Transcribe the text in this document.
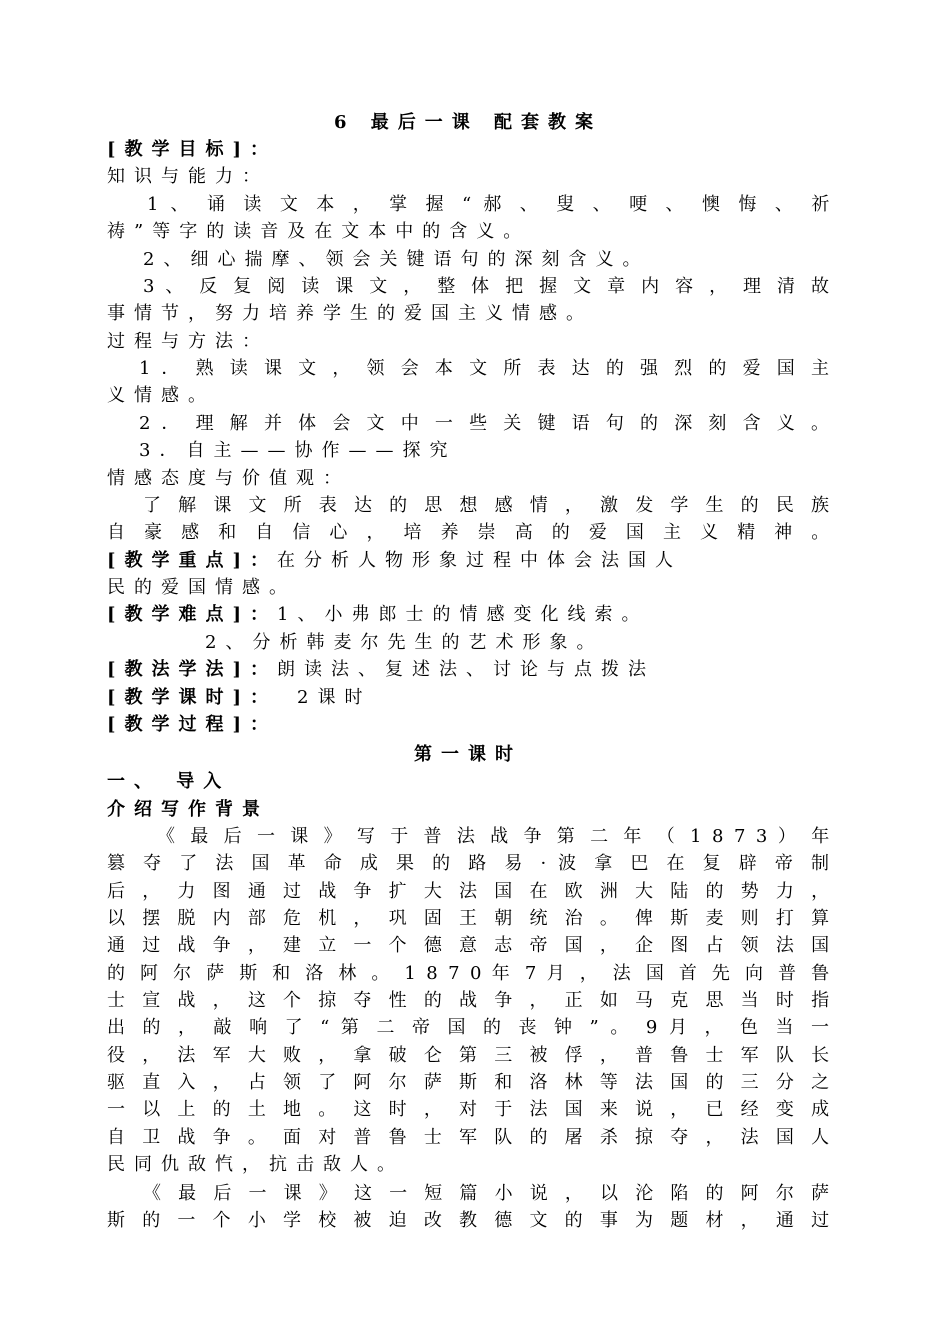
6 最后一课 配套教案
[教学目标]：
知识与能力：
1 、 诵 读 文 本 ， 掌 握 “ 郝 、 叟 、 哽 、 懊 悔 、 祈
祷”等字的读音及在文本中的含义。
2、细心揣摩、领会关键语句的深刻含义。
3 、 反 复 阅 读 课 文 ， 整 体 把 握 文 章 内 容 ， 理 清 故
事情节，努力培养学生的爱国主义情感。
过程与方法：
1 ． 熟 读 课 文 ， 领 会 本 文 所 表 达 的 强 烈 的 爱 国 主
义情感。
2 ． 理 解 并 体 会 文 中 一 些 关 键 语 句 的 深 刻 含 义 。
3．自主——协作——探究
情感态度与价值观：
了 解 课 文 所 表 达 的 思 想 感 情 ， 激 发 学 生 的 民 族
自 豪 感 和 自 信 心 ， 培 养 崇 高 的 爱 国 主 义 精 神 。
[教学重点]：在分析人物形象过程中体会法国人
民的爱国情感。
[教学难点]：1、小弗郎士的情感变化线索。
2、分析韩麦尔先生的艺术形象。
[教法学法]：朗读法、复述法、讨论与点拨法
[教学课时]： 2课时
[教学过程]：
第一课时
一、 导入
介绍写作背景
《 最 后 一 课 》 写 于 普 法 战 争 第 二 年 （ 1 8 7 3 ） 年
篡 夺 了 法 国 革 命 成 果 的 路 易 · 波 拿 巴 在 复 辟 帝 制
后 ， 力 图 通 过 战 争 扩 大 法 国 在 欧 洲 大 陆 的 势 力 ，
以 摆 脱 内 部 危 机 ， 巩 固 王 朝 统 治 。 俾 斯 麦 则 打 算
通 过 战 争 ， 建 立 一 个 德 意 志 帝 国 ， 企 图 占 领 法 国
的 阿 尔 萨 斯 和 洛 林 。 1 8 7 0 年 7 月 ， 法 国 首 先 向 普 鲁
士 宣 战 ， 这 个 掠 夺 性 的 战 争 ， 正 如 马 克 思 当 时 指
出 的 ， 敲 响 了 “ 第 二 帝 国 的 丧 钟 ” 。 9 月 ， 色 当 一
役 ， 法 军 大 败 ， 拿 破 仑 第 三 被 俘 ， 普 鲁 士 军 队 长
驱 直 入 ， 占 领 了 阿 尔 萨 斯 和 洛 林 等 法 国 的 三 分 之
一 以 上 的 土 地 。 这 时 ， 对 于 法 国 来 说 ， 已 经 变 成
自 卫 战 争 。 面 对 普 鲁 士 军 队 的 屠 杀 掠 夺 ， 法 国 人
民同仇敌忾，抗击敌人。
《 最 后 一 课 》 这 一 短 篇 小 说 ， 以 沦 陷 的 阿 尔 萨
斯 的 一 个 小 学 校 被 迫 改 教 德 文 的 事 为 题 材 ， 通 过
